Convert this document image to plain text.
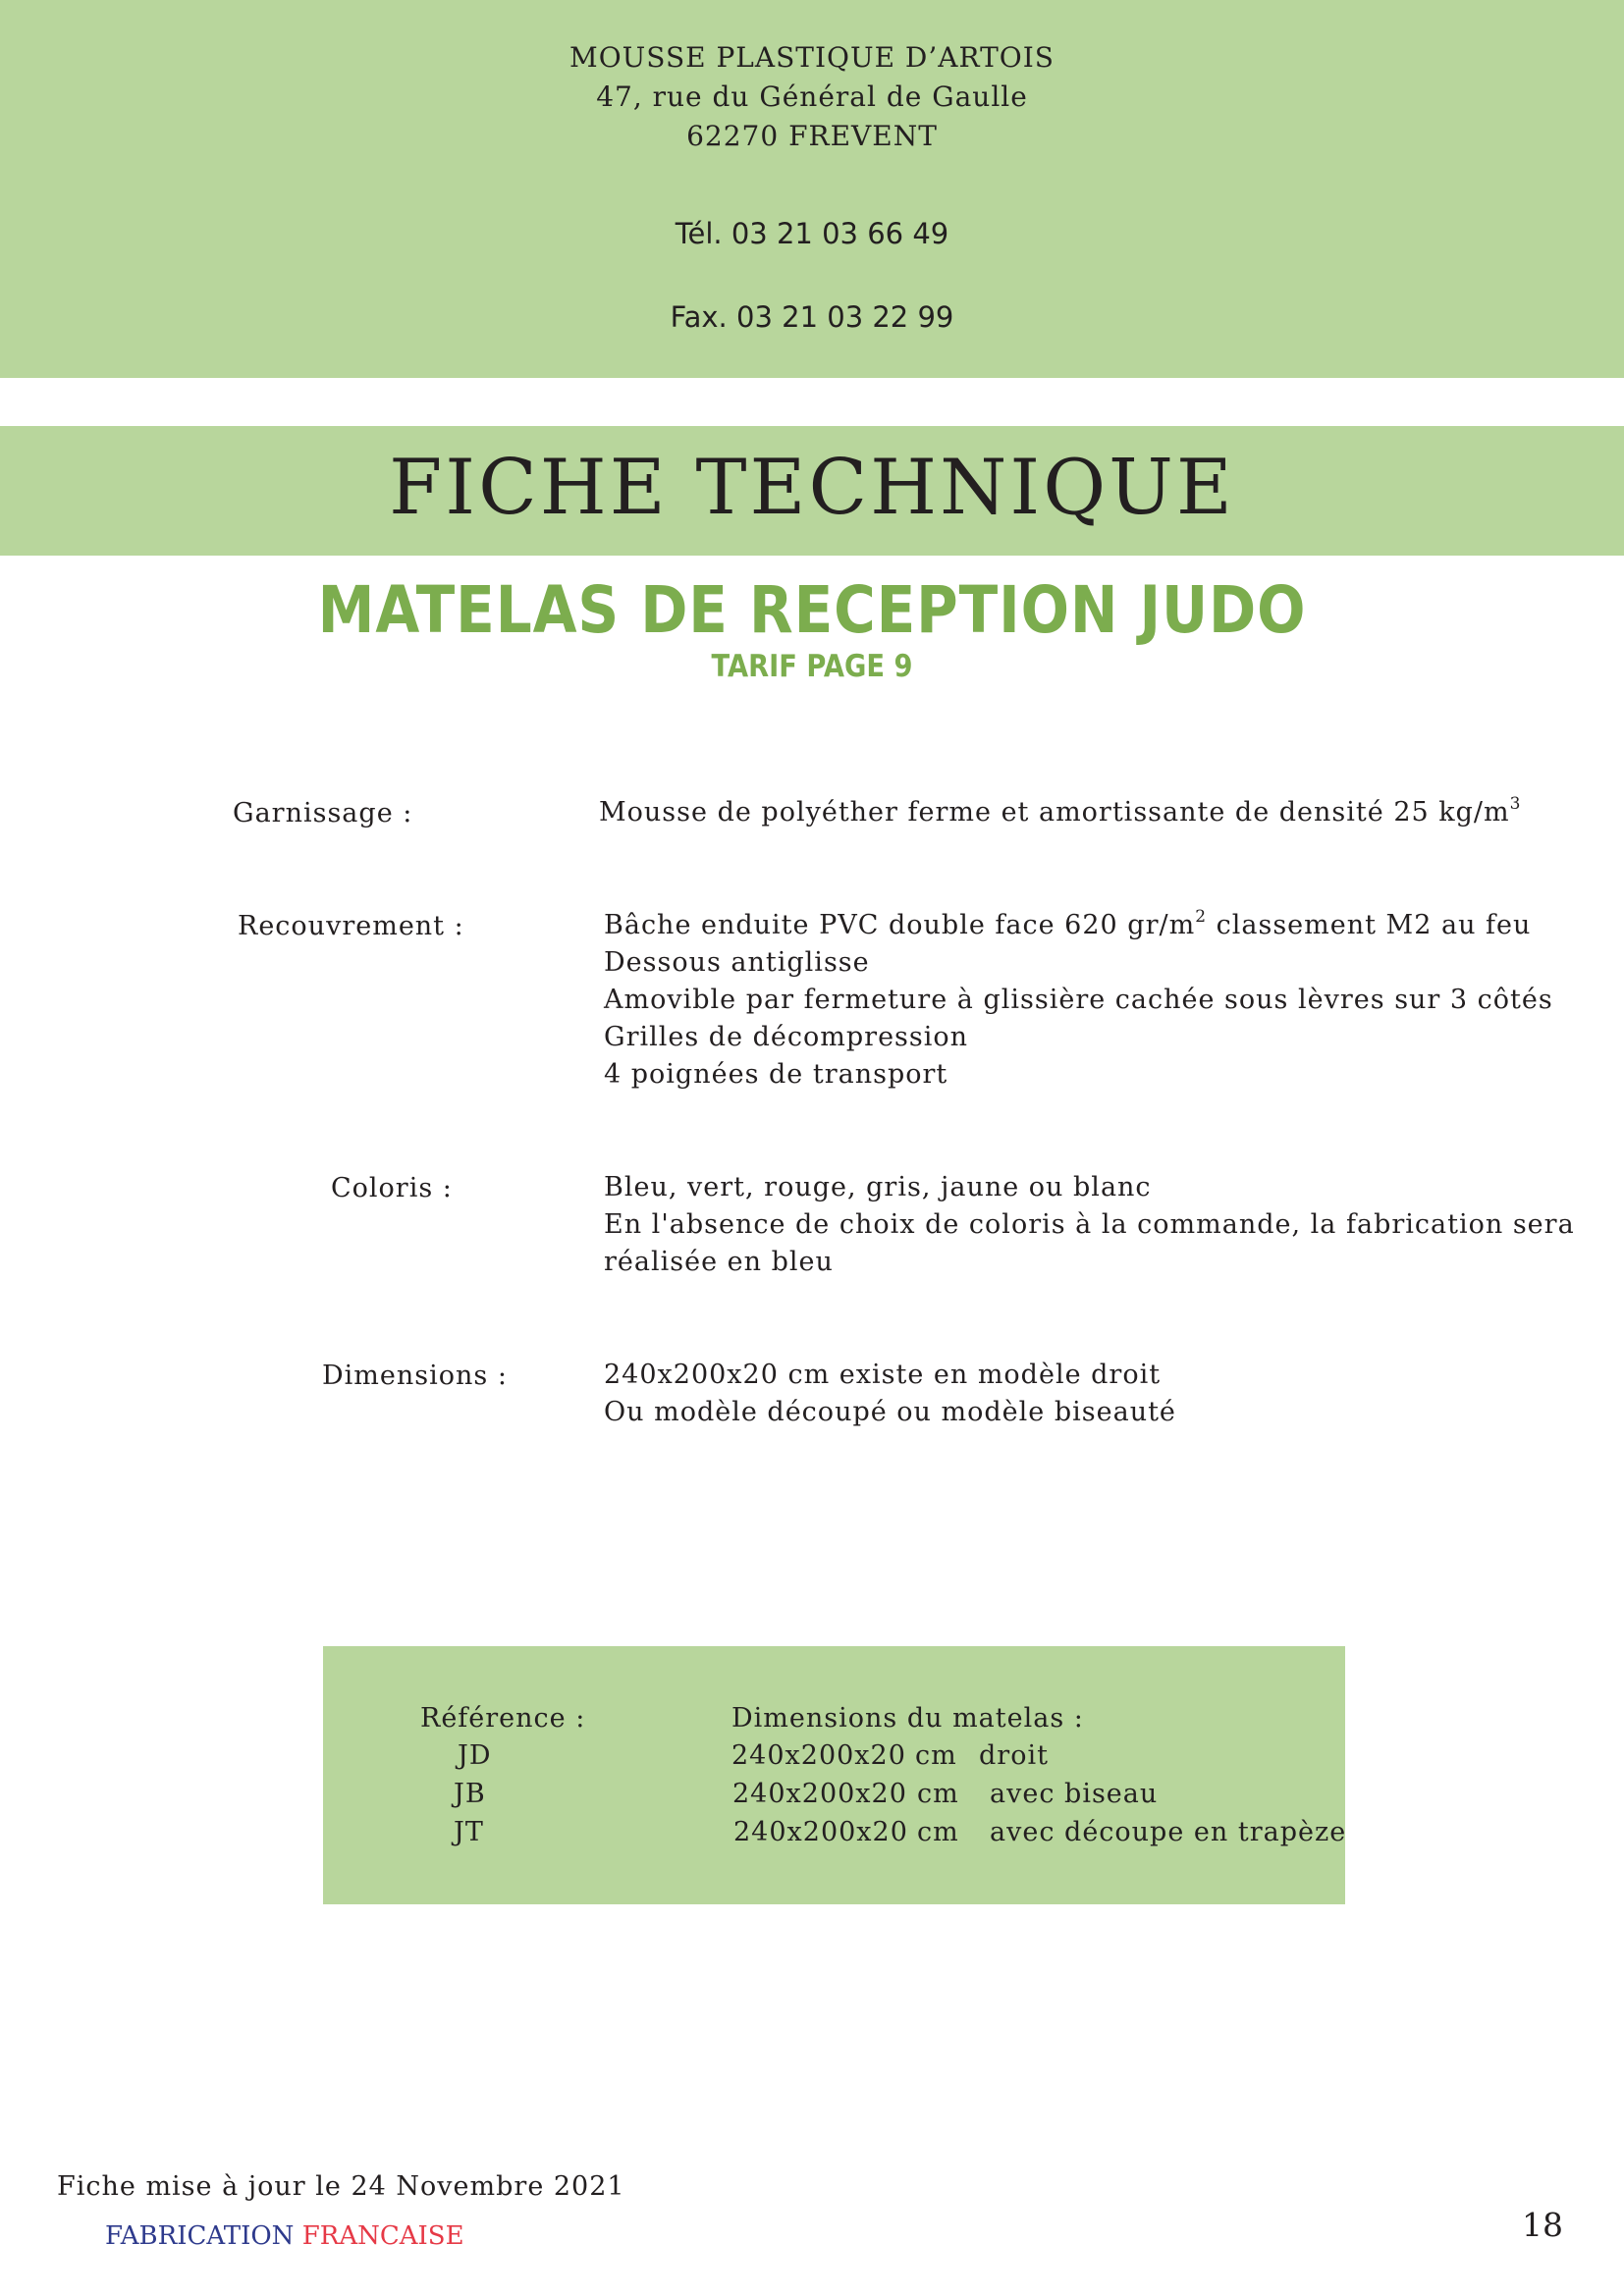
MOUSSE PLASTIQUE D’ARTOIS
47, rue du Général de Gaulle
62270 FREVENT
Tél. 03 21 03 66 49
Fax. 03 21 03 22 99
FICHE TECHNIQUE
MATELAS DE RECEPTION JUDO
TARIF PAGE 9
Garnissage :	Mousse de polyéther ferme et amortissante de densité 25 $kg/m^3$
Recouvrement :	Bâche enduite PVC double face 620 $gr/m^2$ classement M2 au feu
Dessous antiglisse
Amovible par fermeture à glissière cachée sous lèvres sur 3 côtés
Grilles de décompression
4 poignées de transport
Coloris :	Bleu, vert, rouge, gris, jaune ou blanc
En l'absence de choix de coloris à la commande, la fabrication sera
réalisée en bleu
Dimensions :	240x200x20 cm existe en modèle droit
Ou modèle découpé ou modèle biseauté
Référence :	Dimensions du matelas :
JD	240x200x20 cm droit
JB	240x200x20 cm avec biseau
JT	240x200x20 cm avec découpe en trapèze
Fiche mise à jour le 24 Novembre 2021
FABRICATION FRANCAISE	18
